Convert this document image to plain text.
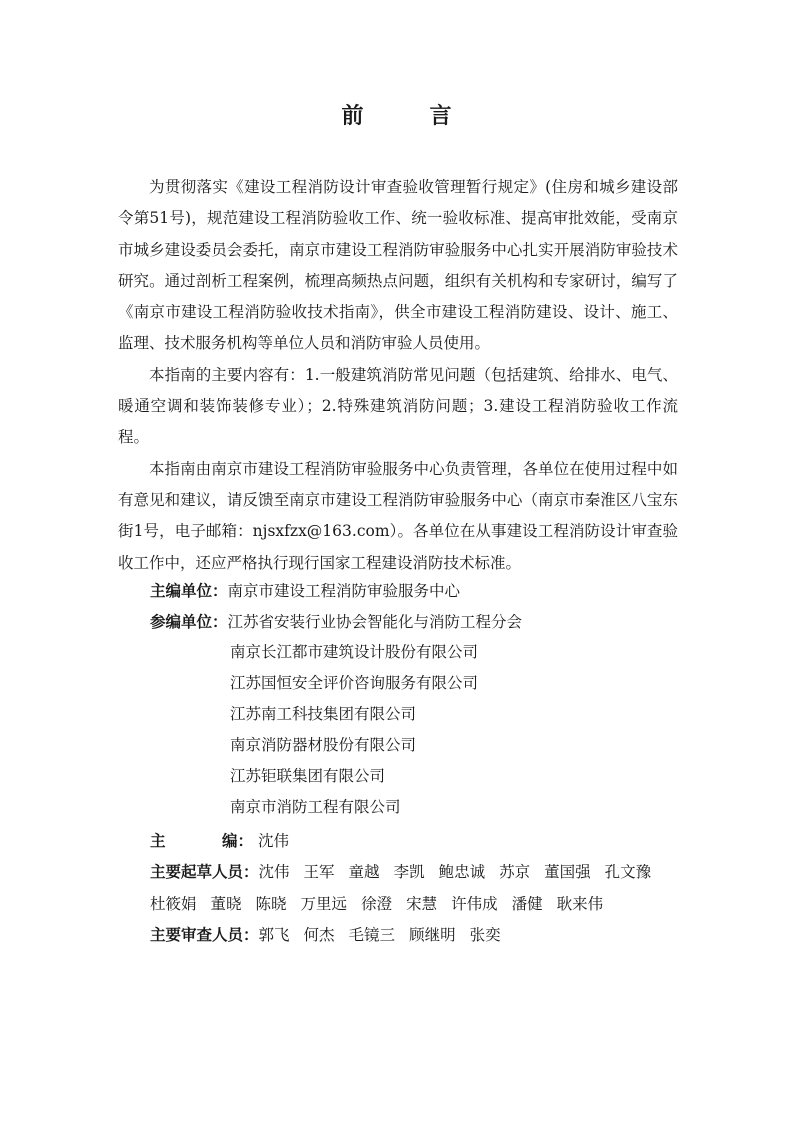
前　言

为贯彻落实《建设工程消防设计审查验收管理暂行规定》(住房和城乡建设部令第51号)，规范建设工程消防验收工作、统一验收标准、提高审批效能，受南京市城乡建设委员会委托，南京市建设工程消防审验服务中心扎实开展消防审验技术研究。通过剖析工程案例，梳理高频热点问题，组织有关机构和专家研讨，编写了《南京市建设工程消防验收技术指南》，供全市建设工程消防建设、设计、施工、监理、技术服务机构等单位人员和消防审验人员使用。

本指南的主要内容有：1.一般建筑消防常见问题（包括建筑、给排水、电气、暖通空调和装饰装修专业）；2.特殊建筑消防问题；3.建设工程消防验收工作流程。

本指南由南京市建设工程消防审验服务中心负责管理，各单位在使用过程中如有意见和建议，请反馈至南京市建设工程消防审验服务中心（南京市秦淮区八宝东街1号，电子邮箱：njsxfzx@163.com）。各单位在从事建设工程消防设计审查验收工作中，还应严格执行现行国家工程建设消防技术标准。

主编单位：南京市建设工程消防审验服务中心
参编单位：江苏省安装行业协会智能化与消防工程分会
南京长江都市建筑设计股份有限公司
江苏国恒安全评价咨询服务有限公司
江苏南工科技集团有限公司
南京消防器材股份有限公司
江苏钜联集团有限公司
南京市消防工程有限公司
主	编： 沈伟
主要起草人员：沈伟 王军 童越 李凯 鲍忠诚 苏京 董国强 孔文豫杜筱娟 董晓 陈晓 万里远 徐澄 宋慧 许伟成 潘健 耿来伟
主要审查人员：郭飞 何杰 毛镜三 顾继明 张奕
